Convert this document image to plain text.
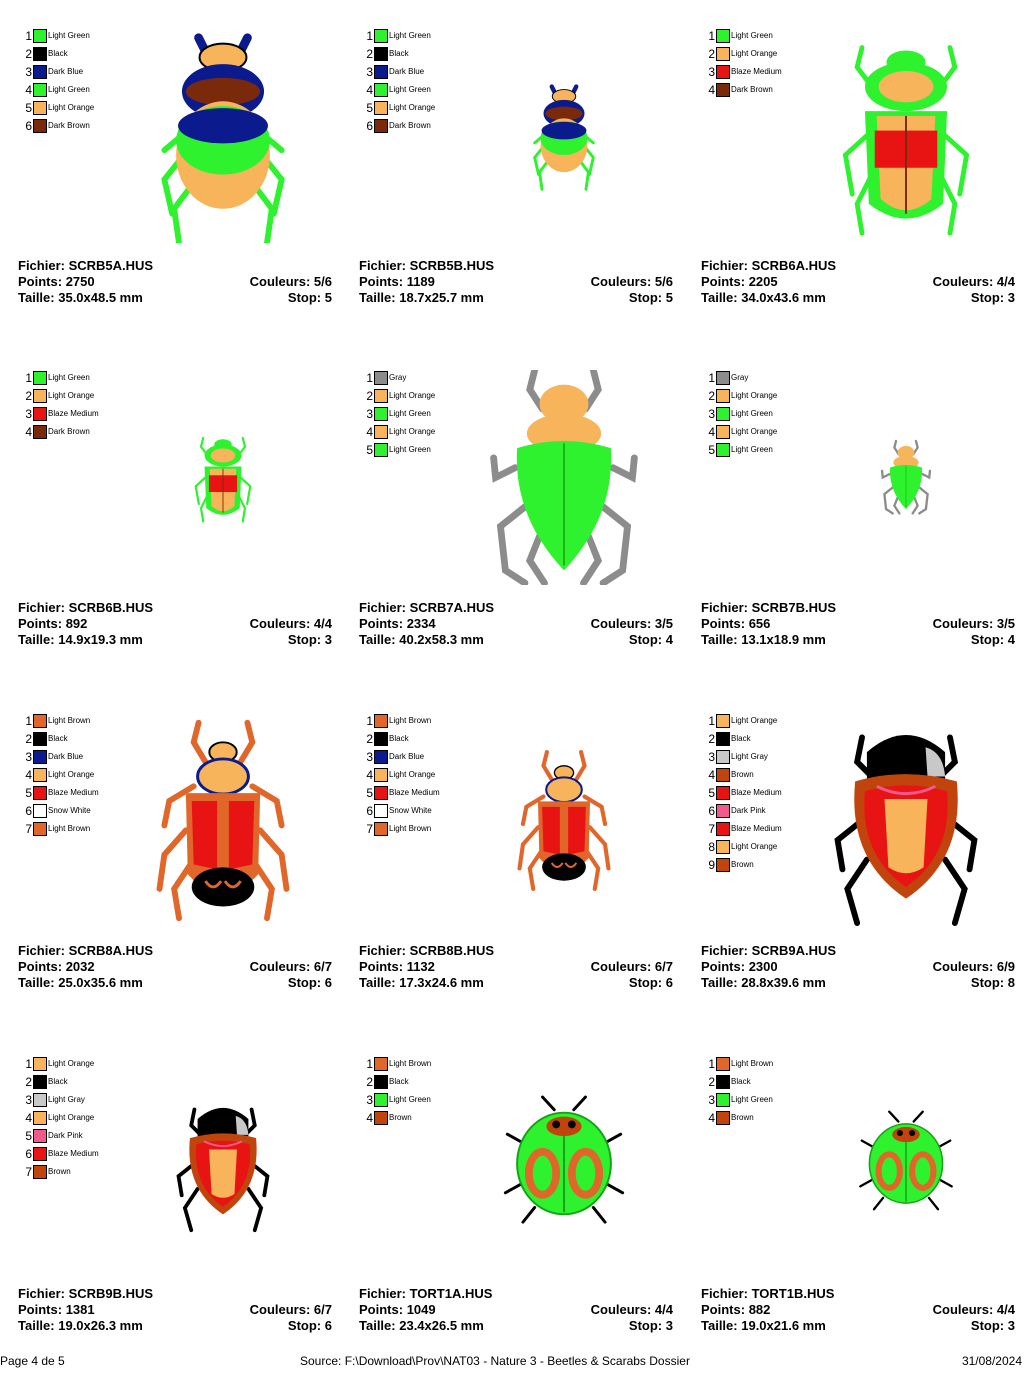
1 Light Green
2 Black
3 Dark Blue
4 Light Green
5 Light Orange
6 Dark Brown
Fichier: SCRB5A.HUS
Points: 2750	Couleurs: 5/6
Taille: 35.0x48.5 mm	Stop: 5
1 Light Green
2 Black
3 Dark Blue
4 Light Green
5 Light Orange
6 Dark Brown
Fichier: SCRB5B.HUS
Points: 1189	Couleurs: 5/6
Taille: 18.7x25.7 mm	Stop: 5
1 Light Green
2 Light Orange
3 Blaze Medium
4 Dark Brown
Fichier: SCRB6A.HUS
Points: 2205	Couleurs: 4/4
Taille: 34.0x43.6 mm	Stop: 3
1 Light Green
2 Light Orange
3 Blaze Medium
4 Dark Brown
Fichier: SCRB6B.HUS
Points: 892	Couleurs: 4/4
Taille: 14.9x19.3 mm	Stop: 3
1 Gray
2 Light Orange
3 Light Green
4 Light Orange
5 Light Green
Fichier: SCRB7A.HUS
Points: 2334	Couleurs: 3/5
Taille: 40.2x58.3 mm	Stop: 4
1 Gray
2 Light Orange
3 Light Green
4 Light Orange
5 Light Green
Fichier: SCRB7B.HUS
Points: 656	Couleurs: 3/5
Taille: 13.1x18.9 mm	Stop: 4
1 Light Brown
2 Black
3 Dark Blue
4 Light Orange
5 Blaze Medium
6 Snow White
7 Light Brown
Fichier: SCRB8A.HUS
Points: 2032	Couleurs: 6/7
Taille: 25.0x35.6 mm	Stop: 6
1 Light Brown
2 Black
3 Dark Blue
4 Light Orange
5 Blaze Medium
6 Snow White
7 Light Brown
Fichier: SCRB8B.HUS
Points: 1132	Couleurs: 6/7
Taille: 17.3x24.6 mm	Stop: 6
1 Light Orange
2 Black
3 Light Gray
4 Brown
5 Blaze Medium
6 Dark Pink
7 Blaze Medium
8 Light Orange
9 Brown
Fichier: SCRB9A.HUS
Points: 2300	Couleurs: 6/9
Taille: 28.8x39.6 mm	Stop: 8
1 Light Orange
2 Black
3 Light Gray
4 Light Orange
5 Dark Pink
6 Blaze Medium
7 Brown
Fichier: SCRB9B.HUS
Points: 1381	Couleurs: 6/7
Taille: 19.0x26.3 mm	Stop: 6
1 Light Brown
2 Black
3 Light Green
4 Brown
Fichier: TORT1A.HUS
Points: 1049	Couleurs: 4/4
Taille: 23.4x26.5 mm	Stop: 3
1 Light Brown
2 Black
3 Light Green
4 Brown
Fichier: TORT1B.HUS
Points: 882	Couleurs: 4/4
Taille: 19.0x21.6 mm	Stop: 3
Page 4 de 5	Source: F:\Download\Prov\NAT03 - Nature 3 - Beetles & Scarabs Dossier	31/08/2024
